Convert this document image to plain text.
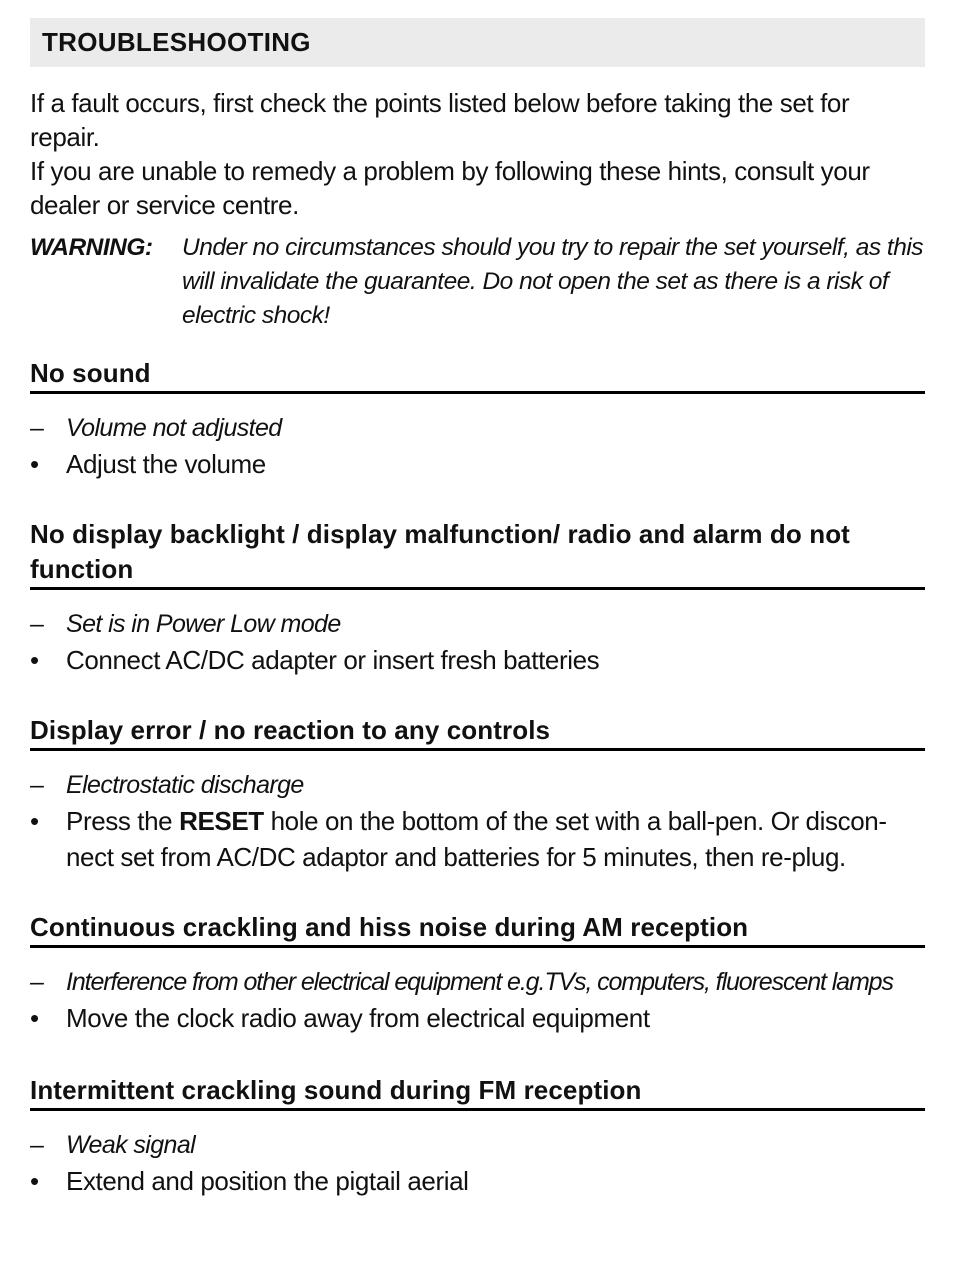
TROUBLESHOOTING

If a fault occurs, first check the points listed below before taking the set for repair.

If you are unable to remedy a problem by following these hints, consult your dealer or service centre.

WARNING:	Under no circumstances should you try to repair the set yourself, as this will invalidate the guarantee. Do not open the set as there is a risk of electric shock!
No sound
– Volume not adjusted
•	Adjust the volume
No display backlight / display malfunction/ radio and alarm do not function
– Set is in Power Low mode
•	Connect AC/DC adapter or insert fresh batteries
Display error / no reaction to any controls
– Electrostatic discharge
•	Press the RESET hole on the bottom of the set with a ball-pen. Or disconnect set from AC/DC adaptor and batteries for 5 minutes, then re-plug.
Continuous crackling and hiss noise during AM reception
– Interference from other electrical equipment e.g.TVs, computers, fluorescent lamps
•	Move the clock radio away from electrical equipment
Intermittent crackling sound during FM reception
– Weak signal
•	Extend and position the pigtail aerial
